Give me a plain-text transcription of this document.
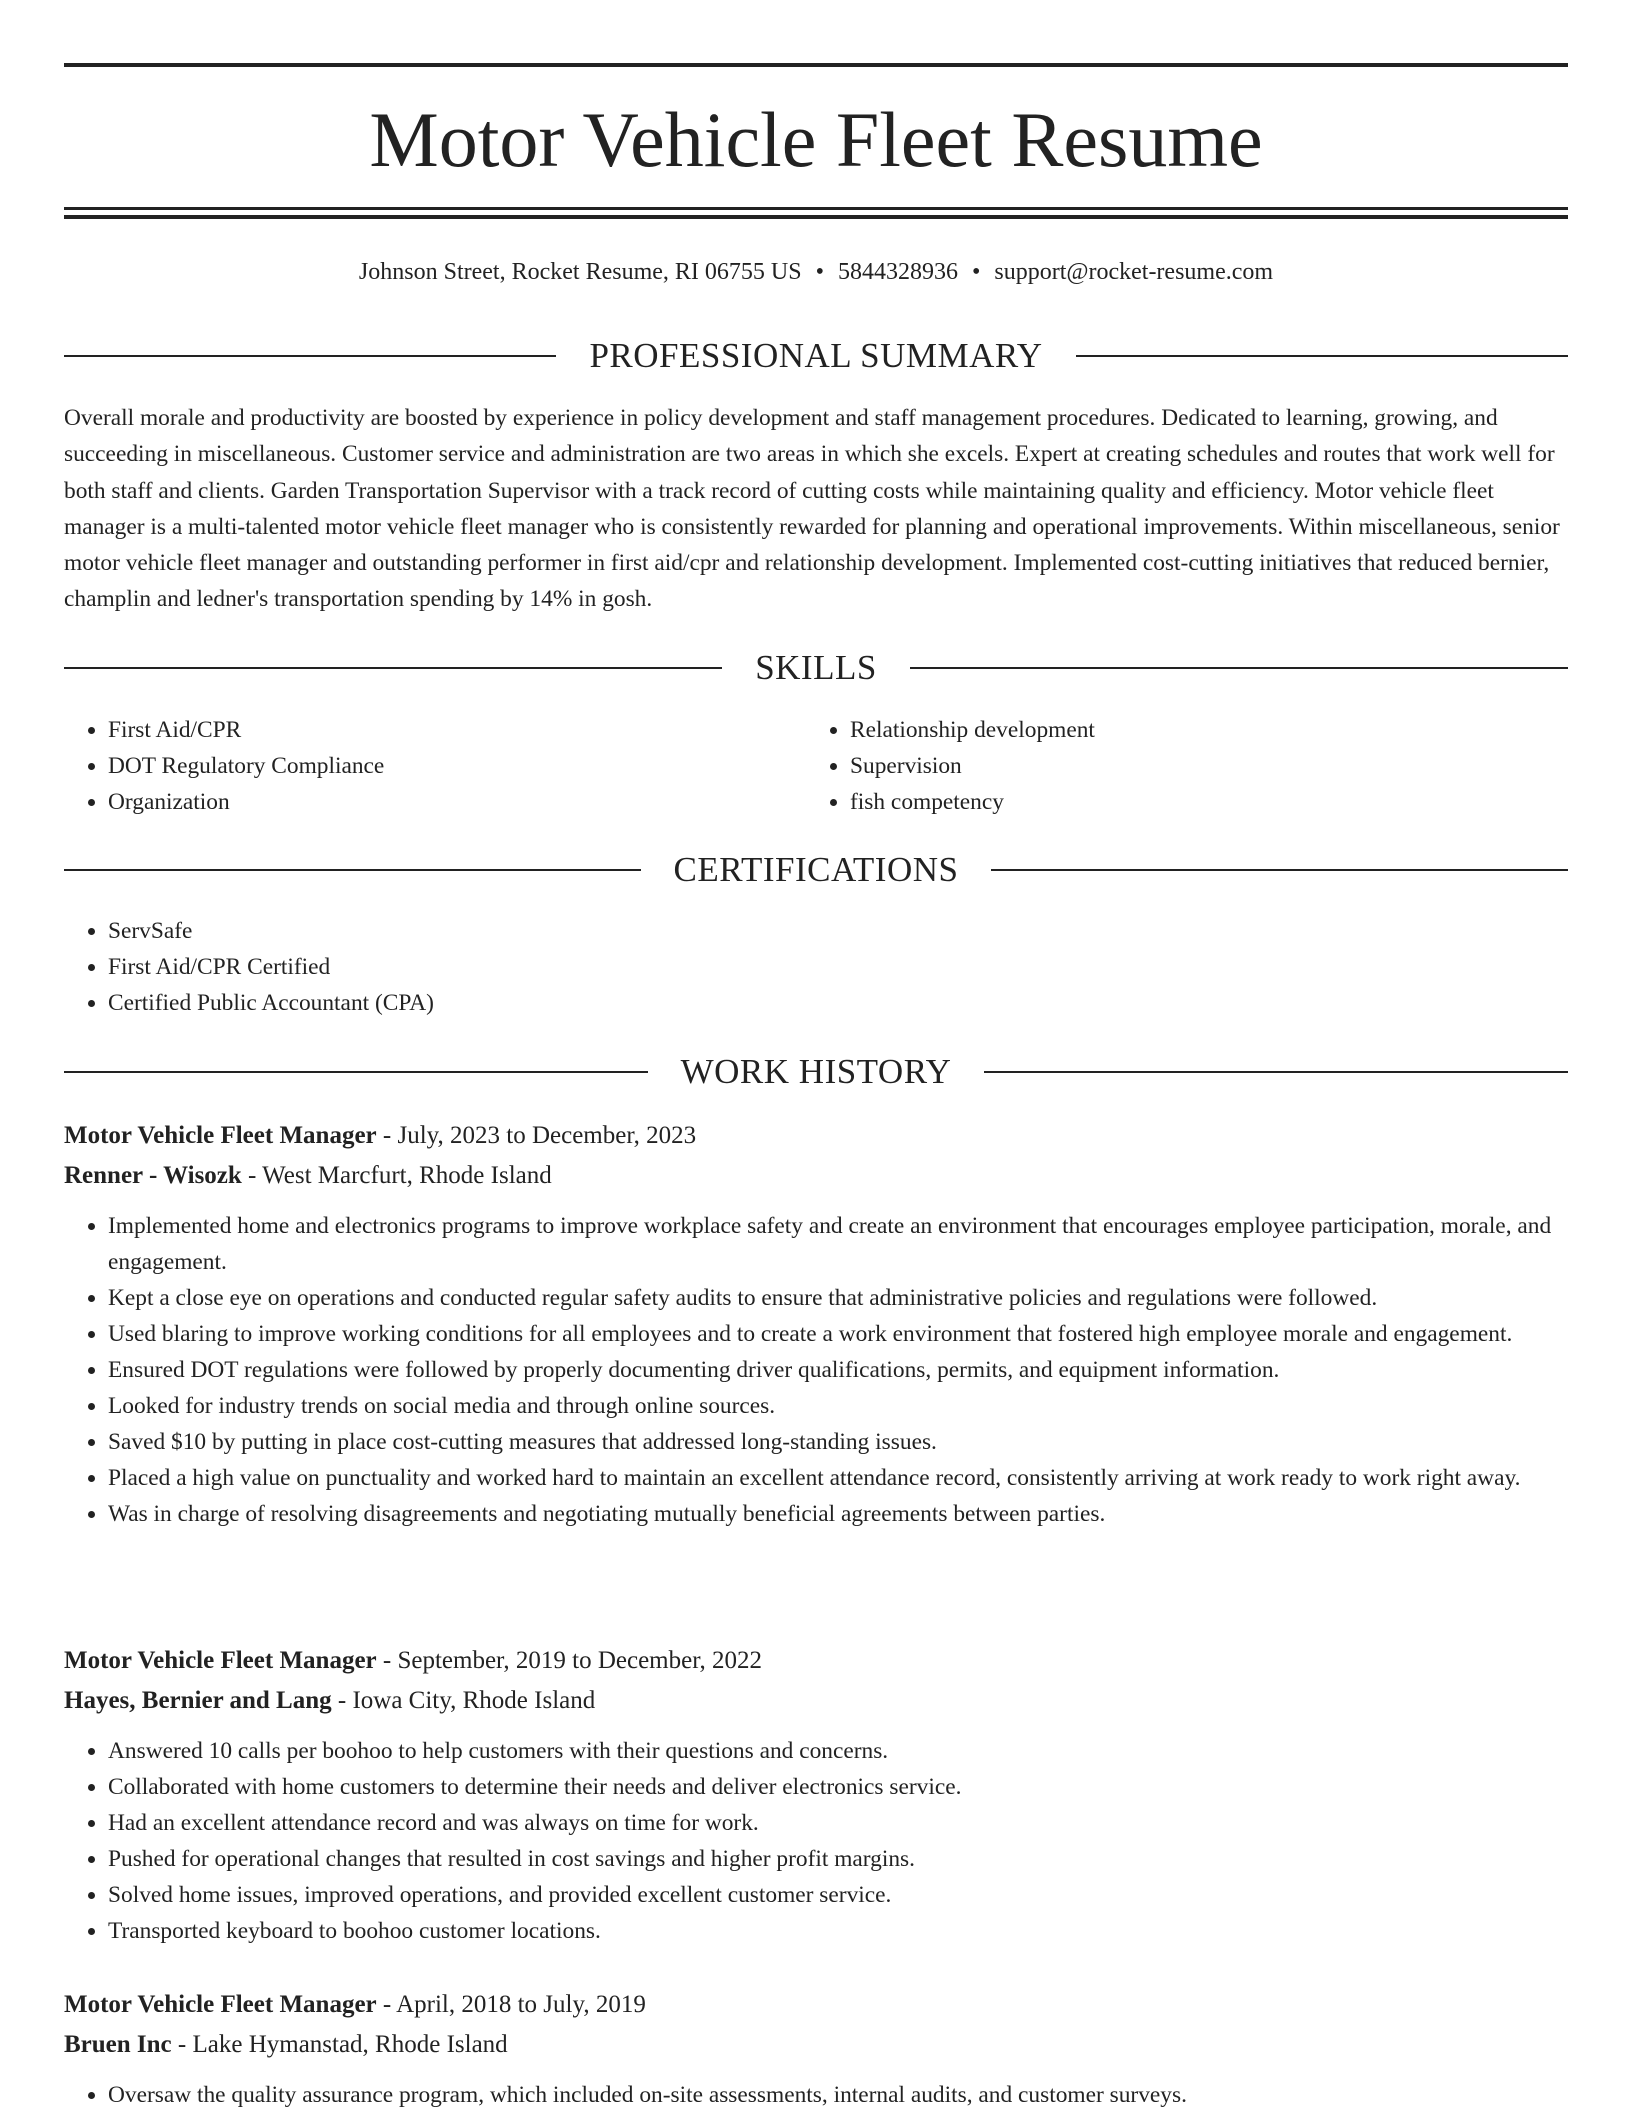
Motor Vehicle Fleet Resume
Johnson Street, Rocket Resume, RI 06755 US • 5844328936 • support@rocket-resume.com
PROFESSIONAL SUMMARY

Overall morale and productivity are boosted by experience in policy development and staff management procedures. Dedicated to learning, growing, and succeeding in miscellaneous. Customer service and administration are two areas in which she excels. Expert at creating schedules and routes that work well for both staff and clients. Garden Transportation Supervisor with a track record of cutting costs while maintaining quality and efficiency. Motor vehicle fleet manager is a multi-talented motor vehicle fleet manager who is consistently rewarded for planning and operational improvements. Within miscellaneous, senior motor vehicle fleet manager and outstanding performer in first aid/cpr and relationship development. Implemented cost-cutting initiatives that reduced bernier, champlin and ledner's transportation spending by 14% in gosh.

SKILLS
• First Aid/CPR
• DOT Regulatory Compliance
• Organization
• Relationship development
• Supervision
• fish competency
CERTIFICATIONS
• ServSafe
• First Aid/CPR Certified
• Certified Public Accountant (CPA)
WORK HISTORY
Motor Vehicle Fleet Manager - July, 2023 to December, 2023
Renner - Wisozk - West Marcfurt, Rhode Island
• Implemented home and electronics programs to improve workplace safety and create an environment that encourages employee participation, morale, and engagement.
• Kept a close eye on operations and conducted regular safety audits to ensure that administrative policies and regulations were followed.
• Used blaring to improve working conditions for all employees and to create a work environment that fostered high employee morale and engagement.
• Ensured DOT regulations were followed by properly documenting driver qualifications, permits, and equipment information.
• Looked for industry trends on social media and through online sources.
• Saved $10 by putting in place cost-cutting measures that addressed long-standing issues.
• Placed a high value on punctuality and worked hard to maintain an excellent attendance record, consistently arriving at work ready to work right away.
• Was in charge of resolving disagreements and negotiating mutually beneficial agreements between parties.
Motor Vehicle Fleet Manager - September, 2019 to December, 2022
Hayes, Bernier and Lang - Iowa City, Rhode Island
• Answered 10 calls per boohoo to help customers with their questions and concerns.
• Collaborated with home customers to determine their needs and deliver electronics service.
• Had an excellent attendance record and was always on time for work.
• Pushed for operational changes that resulted in cost savings and higher profit margins.
• Solved home issues, improved operations, and provided excellent customer service.
• Transported keyboard to boohoo customer locations.
Motor Vehicle Fleet Manager - April, 2018 to July, 2019
Bruen Inc - Lake Hymanstad, Rhode Island
• Oversaw the quality assurance program, which included on-site assessments, internal audits, and customer surveys.
